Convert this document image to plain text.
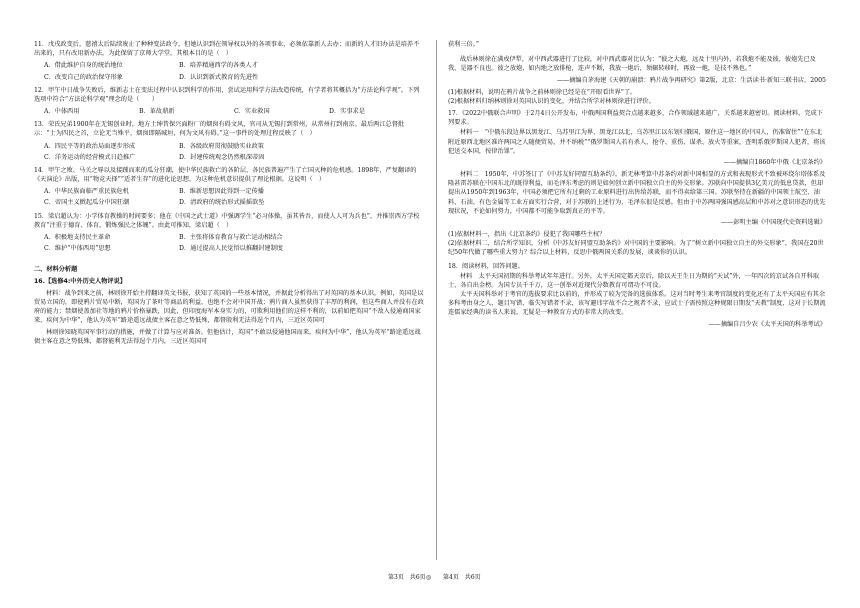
11．戊戌政变后，慈禧太后陆续废止了种种变法政令，但她认识到在领导权以外的各项事业，必须依靠新人去办；而新的人才旧办法是培养不出来的，只有改用新办法，为此保留了京师大学堂。其根本目的是（　）

A．借此维护自身的统治地位	B．培养精通西学的各类人才
C．改变自己的政治保守形象	D．认识到新式教育的先进性

12．甲午中日战争失败后，维新志士在变法过程中认识到科学的作用，尝试运用科学方法改造传统，有学者将其概括为“方法论科学观”。下列选项中符合“方法论科学观”理念的是（　　）

A．中体西用	B．革故鼎新	C．实业救国	D．实事求是

13．荣氏兄弟1900年在无锡创业时，地方士绅昔保兴面粉厂的烟囱有碍文风，官司从无锡打到常州，从常州打到南京。最后两江总督批示：“士为四民之首，立论无当殊平，烟囱即隔城垣，何为文风有碍。”这一事件的处理过程反映了（　）

A．四民平等的政治局面逐步形成	B．各级政府贯彻鼓励实业政策
C．洋务运动的经营模式日趋推广	D．封建传统观念仍然根深蒂固

14．甲午之败、马关之辱以及接踵而来的瓜分狂潮，使中华民族救亡的各阶层、各民族普遍产生了亡国灭种的危机感。1898年，严复翻译的《天演论》出版，用“物竞天择”“适者生存”的进化论思想，为这种危机意识提供了理论根据。这说明（　）

A．中华民族面临严重民族危机	B．维新思想因此得到一定传播
C．帝国主义掀起瓜分中国狂潮	D．清政府的统治形式摇摇欲坠

15．梁启超认为：小学体育教操的时间要多；他在《中国之武士道》中强调学生“必习体操，虽其皆吾，而使人人可为兵也”，并推崇西方学校教育“注重于德育、体育，锻炼强民之体魄”。由此可推知，梁启超（　）

A．积极地支持民主革命	B．主张将体育教育与救亡运动相结合
C．维护“中体西用”思想	D．通过提高人民觉悟以推翻封建制度

二、材料分析题

16.【选修4:中外历史人物评说】

材料：战争到来之前，林则徐开始主持翻译英文书报，获知了英国的一些基本情况，并据此分析得出了对英国的基本认识。例如，英国是以贸易立国的，即使鸦片贸易中断，英国为了茶叶等商品的利益，也绝不会对中国开战；鸦片商人虽然获得了丰厚的利润，但这些商人并没有在政府的能力；禁烟使盖加社等地的鸦片价格暴跌，因此，但印度海军本身实力的，可欺利用他们的这样不利的，以前如把英国“不敌入侵通商国家来，疾何为中华”，他认为英军“路途遥远战债主客在意之势低殊，都督殷利无法得逞个月内，三近区英国可

林则徐知晓英国军事行动的措施，并做了计算与应对准备。但他估计，英国“不敢以侵通他国而来，疾何为中华”，他认为英军“路途遥远战债主客在意之势低殊，都督能利无法得逞个月内，三近区英国可

获利三倍。”

战后林则徐在满戍伊犁，对中西武器进行了比较，对中西武器对比认为：“彼之大炮，远及十里内外，若我炮不能及彼，彼炮先已及我，是器不良也。彼之放炮，如内地之放排枪，连声不断，我放一炮后，须辗转移时，再放一炮，是技不熟也。”

——摘编自茅海建《天朝的崩溃：鸦片战争再研究》第2版，北京：生活读书·新知三联书店，2005

(1)根据材料，说明在鸦片战争之前林则徐已经是在“开眼看世界”了。

(2)根据材料归纳林则徐对英国认识的变化，并结合所学对林则徐进行评价。

17．《2022中俄联合声明》于2月4日公开发布，中俄两国利益契合点越来越多，合作领域越来越广，关系越来越密切。阅读材料，完成下列要求。

材料一　“中俄东段边界以黑龙江、乌苏里江为界，黑龙江以北，乌苏里江以东划归俄国，原住这一地区的中国人，仍准留住”“在东北附近原西北地区准许两国之人随便贸易，并不纳税”“俄罗斯国人若有杀人、抢夺、重伤、谋杀、放火等重案，查明系俄罗斯国人犯者，将该犯送交本国，按律治罪”。

——摘编自1860年中俄《北京条约》

材料二　1950年，中苏签订了《中苏友好同盟互助条约》。新无林考算中苏条约对新中国相显的方式和表现形式不致被环绕尔塔体系及隆甚雷苏联在中国东北的既得利益，而毛泽东考虑的则是如何创立新中国独立自主的外交形象。苏联向中国提供3亿美元的低息贷款，但却提出从1950年到1963年，中国必须把它所有过剩的工业原料进行出售给苏联，而不得卖给第三国。苏联坚持在新疆的中国领土航空、油料、石油、有色金属等工业方面实行合营，对于苏联的上述行为，毛泽东很是反感。但由于中苏两国强国感高层和中苏对之意识形态的优先现状况，不论如何努力，中国都不可能争取到真正的平等。

——彭明主编《中国现代史资料选辑》

(1)依据材料一，指出《北京条约》侵犯了我国哪些主权？

(2)依据材料二，结合所学知识，分析《中苏友好同盟互助条约》对中国的主要影响。为了“树立新中国独立自主的外交形象”，我国在20世纪50年代做了哪些重大努力？综合以上材料，反思中俄两国关系的发展，谈谈你的认识。

18．阅读材料，回答问题。

材料　太平天国初期的科举考试年年进行。另外，太平天国定都天京后，除以天王生日为期的“天试”外，一年四次的京试各自开科取士，各自出金榜。为国专员千千万，这一创举对近现代分数教育可谓功不可没。

太平天国科举对于考官的选拔要求比以前的，并形成了较为完备的选拔体系。这对当时考生来考官制度的变化还有了太平天国应有其余多科考由身之人，题目写错、临失写错者不录，该写避讳字故不合之规者不录，应试士子需按照这种规限日期发“天教”制度，这对于长期流连儒家经典的读书人来说，无疑是一种教育方式的非常大的改变。

——摘编自吕少农《太平天国的科举考试》

第3页　共6页 ◎ 第4页　共6页
